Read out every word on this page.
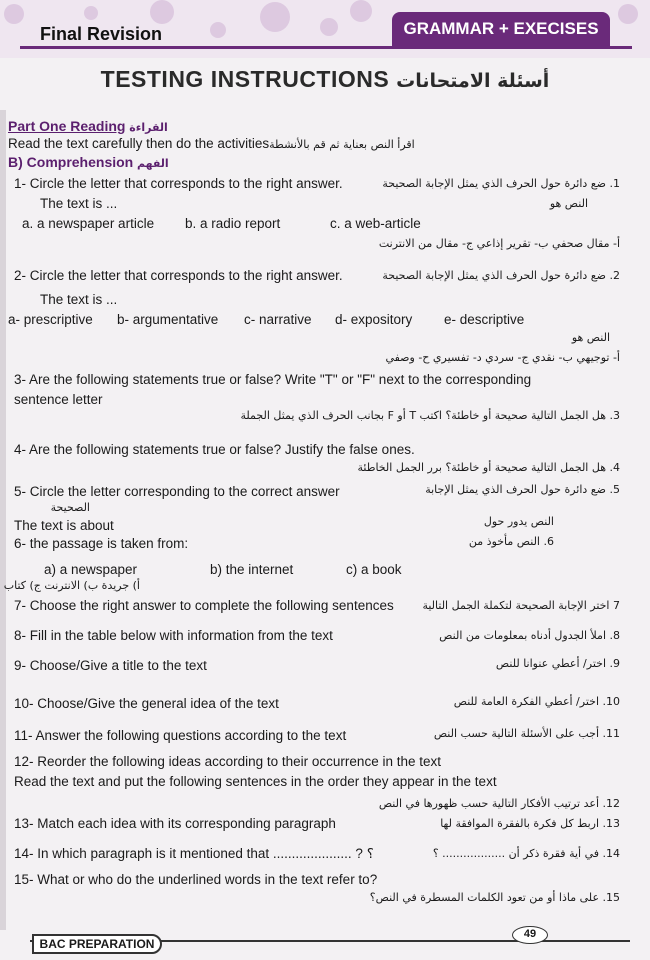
Final Revision	GRAMMAR + EXECISES
TESTING INSTRUCTIONS أسئلة الامتحانات
Part One Reading القراءة
Read the text carefully then do the activitiesاقرأ النص بعناية ثم قم بالأنشطة
B) Comprehension الفهم
1- Circle the letter that corresponds to the right answer.	1. ضع دائرة حول الحرف الذي يمثل الإجابة الصحيحة
The text is ...	النص هو
a. a newspaper article b. a radio report	c. a web-article
أ- مقال صحفي ب- تقرير إذاعي ج- مقال من الانترنت
2- Circle the letter that corresponds to the right answer.	2. ضع دائرة حول الحرف الذي يمثل الإجابة الصحيحة
The text is ...
a- prescriptive b- argumentative c- narrative d- expository e- descriptive
النص هو
أ- توجيهي ب- نقدي ج- سردي د- تفسيري ح- وصفي
3- Are the following statements true or false? Write "T" or "F" next to the corresponding
sentence letter
3. هل الجمل التالية صحيحة أو خاطئة؟ اكتب T أو F بجانب الحرف الذي يمثل الجملة
4- Are the following statements true or false? Justify the false ones.
4. هل الجمل التالية صحيحة أو خاطئة؟ برر الجمل الخاطئة
5- Circle the letter corresponding to the correct answer	5. ضع دائرة حول الحرف الذي يمثل الإجابة
الصحيحة
The text is about	النص يدور حول
6- the passage is taken from:	6. النص مأخوذ من
a) a newspaper	b) the internet	c) a book
أ) جريدة ب) الانترنت ج) كتاب
7- Choose the right answer to complete the following sentences	7 اختر الإجابة الصحيحة لتكملة الجمل التالية
8- Fill in the table below with information from the text	8. املأ الجدول أدناه بمعلومات من النص
9- Choose/Give a title to the text	9. اختر/ أعطي عنوانا للنص
10- Choose/Give the general idea of the text	10. اختر/ أعطي الفكرة العامة للنص
11- Answer the following questions according to the text	11. أجب على الأسئلة التالية حسب النص
12- Reorder the following ideas according to their occurrence in the text
Read the text and put the following sentences in the order they appear in the text
12. أعد ترتيب الأفكار التالية حسب ظهورها في النص
13- Match each idea with its corresponding paragraph	13. اربط كل فكرة بالفقرة الموافقة لها
14- In which paragraph is it mentioned that ..................... ? ؟	14. في أية فقرة ذكر أن .................. ؟
15- What or who do the underlined words in the text refer to?
15. على ماذا أو من تعود الكلمات المسطرة في النص؟
BAC PREPARATION
49
